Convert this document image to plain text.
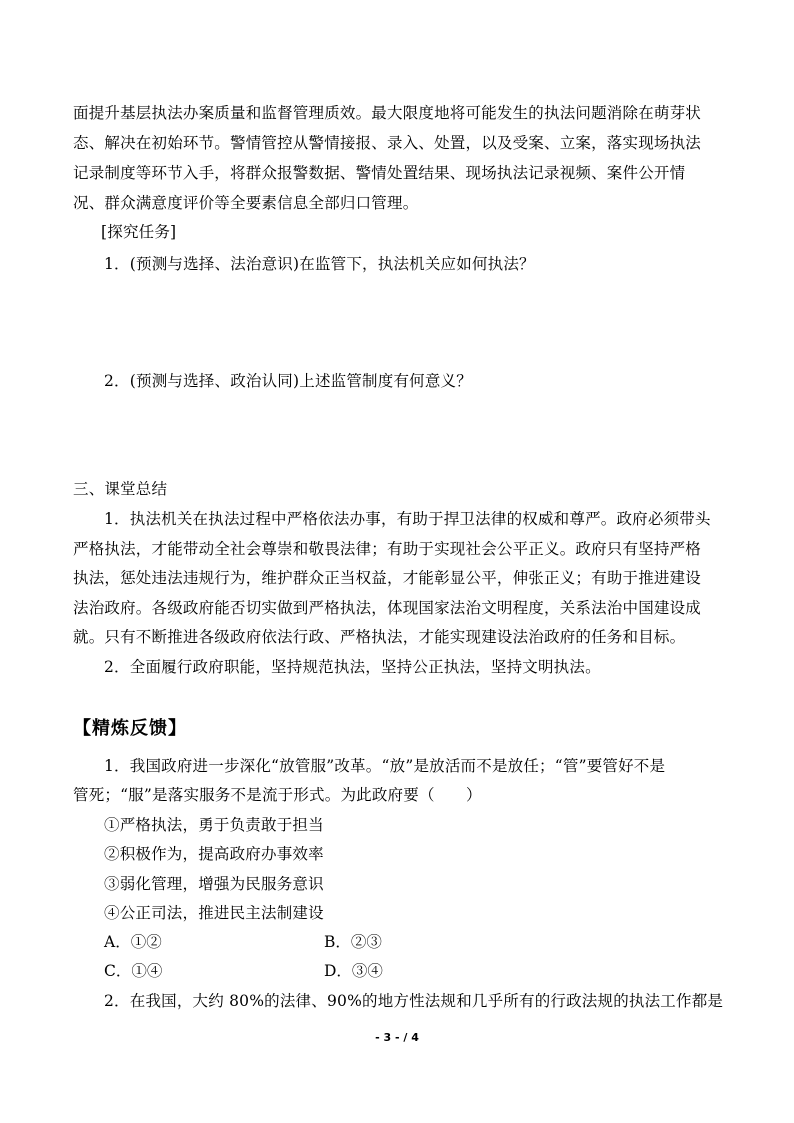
面提升基层执法办案质量和监督管理质效。最大限度地将可能发生的执法问题消除在萌芽状
态、解决在初始环节。警情管控从警情接报、录入、处置，以及受案、立案，落实现场执法
记录制度等环节入手，将群众报警数据、警情处置结果、现场执法记录视频、案件公开情
况、群众满意度评价等全要素信息全部归口管理。
[探究任务]
1．(预测与选择、法治意识)在监管下，执法机关应如何执法？
2．(预测与选择、政治认同)上述监管制度有何意义？
三、课堂总结
1．执法机关在执法过程中严格依法办事，有助于捍卫法律的权威和尊严。政府必须带头
严格执法，才能带动全社会尊崇和敬畏法律；有助于实现社会公平正义。政府只有坚持严格
执法，惩处违法违规行为，维护群众正当权益，才能彰显公平，伸张正义；有助于推进建设
法治政府。各级政府能否切实做到严格执法，体现国家法治文明程度，关系法治中国建设成
就。只有不断推进各级政府依法行政、严格执法，才能实现建设法治政府的任务和目标。
2．全面履行政府职能，坚持规范执法，坚持公正执法，坚持文明执法。
【精炼反馈】
1．我国政府进一步深化“放管服”改革。“放”是放活而不是放任；“管”要管好不是
管死；“服”是落实服务不是流于形式。为此政府要（　　）
①严格执法，勇于负责敢于担当
②积极作为，提高政府办事效率
③弱化管理，增强为民服务意识
④公正司法，推进民主法制建设
A．①②	B．②③
C．①④	D．③④
2．在我国，大约 80%的法律、90%的地方性法规和几乎所有的行政法规的执法工作都是
- 3 - / 4
